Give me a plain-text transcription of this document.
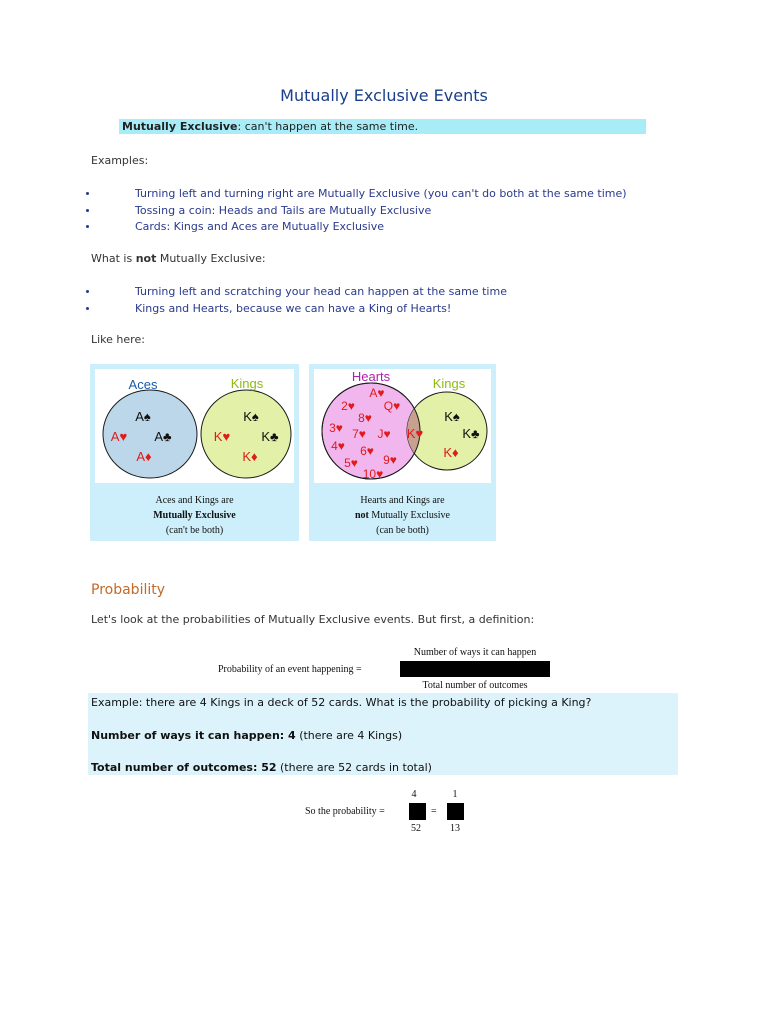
Mutually Exclusive Events
Mutually Exclusive: can't happen at the same time.
Examples:
Turning left and turning right are Mutually Exclusive (you can't do both at the same time)
Tossing a coin: Heads and Tails are Mutually Exclusive
Cards: Kings and Aces are Mutually Exclusive
What is not Mutually Exclusive:
Turning left and scratching your head can happen at the same time
Kings and Hearts, because we can have a King of Hearts!
Like here:
Aces	Kings
A♠
A♥ A♣
A♦
K♠
K♥ K♣
K♦
Aces and Kings are
Mutually Exclusive
(can't be both)
Hearts	Kings
A♥
2♥ Q♥
8♥
3♥ 7♥ J♥
4♥ 6♥
9♥
5♥
10♥
K♥
K♠
K♣
K♦
Hearts and Kings are
not Mutually Exclusive
(can be both)
Probability
Let's look at the probabilities of Mutually Exclusive events. But first, a definition:
Number of ways it can happen
Probability of an event happening =
Total number of outcomes
Example: there are 4 Kings in a deck of 52 cards. What is the probability of picking a King?
Number of ways it can happen: 4 (there are 4 Kings)
Total number of outcomes: 52 (there are 52 cards in total)
4	1
So the probability =	=
52	13
